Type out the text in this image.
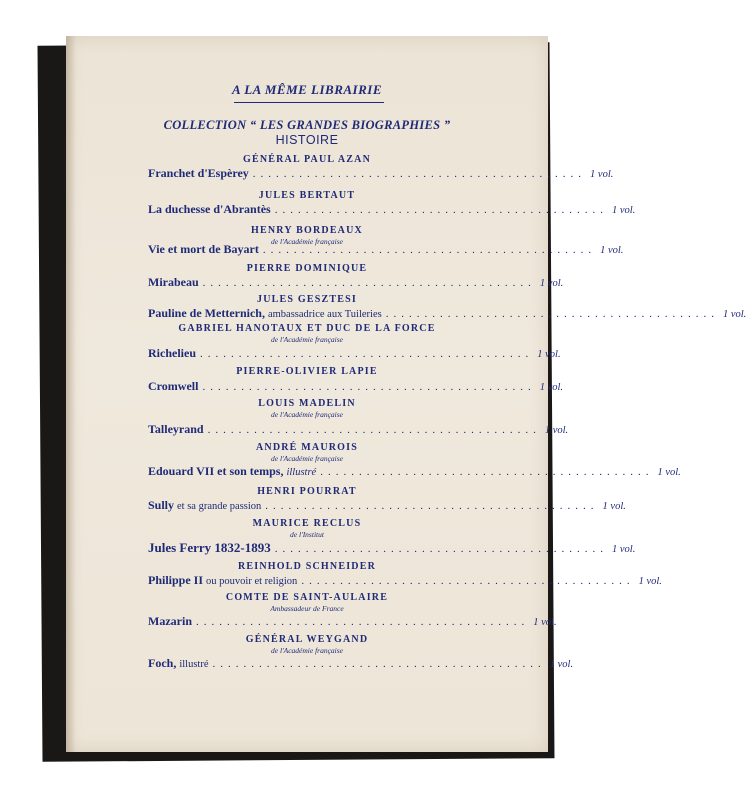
A LA MÊME LIBRAIRIE
COLLECTION “ LES GRANDES BIOGRAPHIES ”
HISTOIRE
GÉNÉRAL PAUL AZAN
Franchet d'Espèrey ........................................... 1 vol.
JULES BERTAUT
La duchesse d'Abrantès ........................................... 1 vol.
HENRY BORDEAUX
de l'Académie française
Vie et mort de Bayart ........................................... 1 vol.
PIERRE DOMINIQUE
Mirabeau ........................................... 1 vol.
JULES GESZTESI
Pauline de Metternich, ambassadrice aux Tuileries ........................................... 1 vol.
GABRIEL HANOTAUX ET DUC DE LA FORCE
de l'Académie française
Richelieu ........................................... 1 vol.
PIERRE-OLIVIER LAPIE
Cromwell ........................................... 1 vol.
LOUIS MADELIN
de l'Académie française
Talleyrand ........................................... 1 vol.
ANDRÉ MAUROIS
de l'Académie française
Edouard VII et son temps, illustré ........................................... 1 vol.
HENRI POURRAT
Sully et sa grande passion ........................................... 1 vol.
MAURICE RECLUS
de l'Institut
Jules Ferry 1832-1893 ........................................... 1 vol.
REINHOLD SCHNEIDER
Philippe II ou pouvoir et religion ........................................... 1 vol.
COMTE DE SAINT-AULAIRE
Ambassadeur de France
Mazarin ........................................... 1 vol.
GÉNÉRAL WEYGAND
de l'Académie française
Foch, illustré ........................................... 1 vol.
